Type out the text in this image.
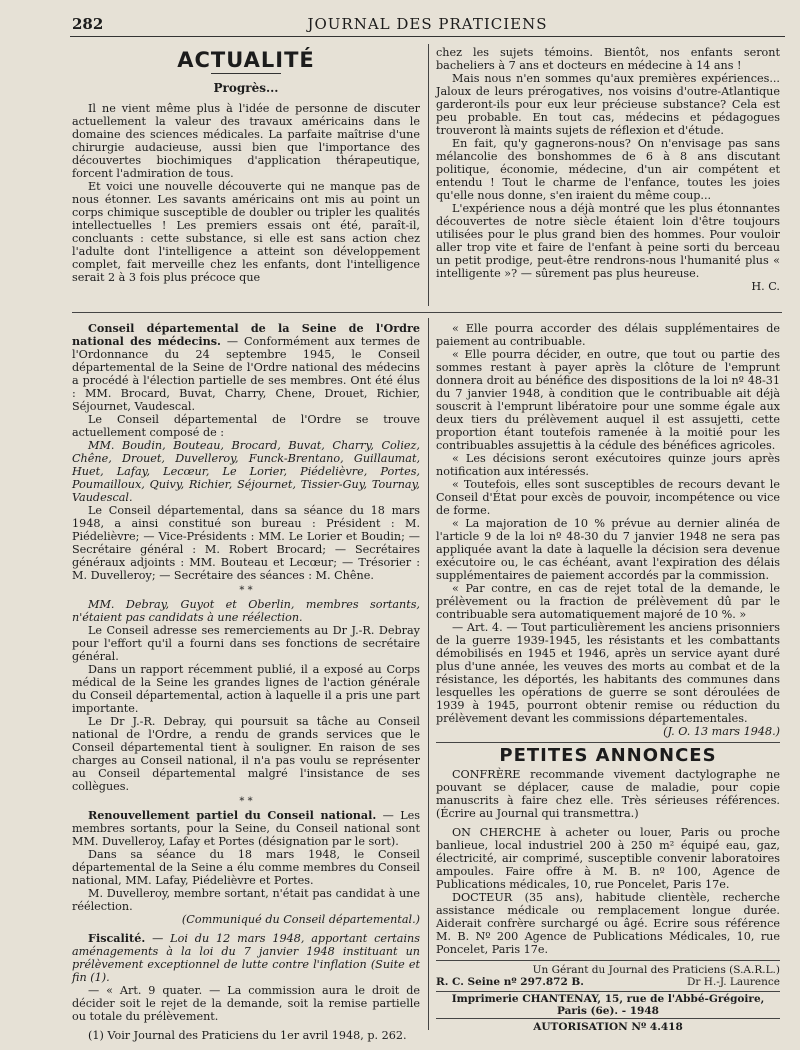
282	JOURNAL DES PRATICIENS
ACTUALITÉ
Progrès...

Il ne vient même plus à l'idée de personne de discuter actuellement la valeur des travaux américains dans le domaine des sciences médicales. La parfaite maîtrise d'une chirurgie audacieuse, aussi bien que l'importance des découvertes biochimiques d'application thérapeutique, forcent l'admiration de tous.

Et voici une nouvelle découverte qui ne manque pas de nous étonner. Les savants américains ont mis au point un corps chimique susceptible de doubler ou tripler les qualités intellectuelles ! Les premiers essais ont été, paraît-il, concluants : cette substance, si elle est sans action chez l'adulte dont l'intelligence a atteint son développement complet, fait merveille chez les enfants, dont l'intelligence serait 2 à 3 fois plus précoce que

chez les sujets témoins. Bientôt, nos enfants seront bacheliers à 7 ans et docteurs en médecine à 14 ans !

Mais nous n'en sommes qu'aux premières expériences... Jaloux de leurs prérogatives, nos voisins d'outre-Atlantique garderont-ils pour eux leur précieuse substance? Cela est peu probable. En tout cas, médecins et pédagogues trouveront là maints sujets de réflexion et d'étude.

En fait, qu'y gagnerons-nous? On n'envisage pas sans mélancolie des bonshommes de 6 à 8 ans discutant politique, économie, médecine, d'un air compétent et entendu ! Tout le charme de l'enfance, toutes les joies qu'elle nous donne, s'en iraient du même coup...

L'expérience nous a déjà montré que les plus étonnantes découvertes de notre siècle étaient loin d'être toujours utilisées pour le plus grand bien des hommes. Pour vouloir aller trop vite et faire de l'enfant à peine sorti du berceau un petit prodige, peut-être rendrons-nous l'humanité plus « intelligente »? — sûrement pas plus heureuse.

H. C.

Conseil départemental de la Seine de l'Ordre national des médecins. — Conformément aux termes de l'Ordonnance du 24 septembre 1945, le Conseil départemental de la Seine de l'Ordre national des médecins a procédé à l'élection partielle de ses membres. Ont été élus : MM. Brocard, Buvat, Charry, Chene, Drouet, Richier, Séjournet, Vaudescal.

Le Conseil départemental de l'Ordre se trouve actuellement composé de :

MM. Boudin, Bouteau, Brocard, Buvat, Charry, Coliez, Chêne, Drouet, Duvelleroy, Funck-Brentano, Guillaumat, Huet, Lafay, Lecœur, Le Lorier, Piédelièvre, Portes, Poumailloux, Quivy, Richier, Séjournet, Tissier-Guy, Tournay, Vaudescal.

Le Conseil départemental, dans sa séance du 18 mars 1948, a ainsi constitué son bureau : Président : M. Piédelièvre; — Vice-Présidents : MM. Le Lorier et Boudin; — Secrétaire général : M. Robert Brocard; — Secrétaires généraux adjoints : MM. Bouteau et Lecœur; — Trésorier : M. Duvelleroy; — Secrétaire des séances : M. Chêne.

* *

MM. Debray, Guyot et Oberlin, membres sortants, n'étaient pas candidats à une réélection.

Le Conseil adresse ses remerciements au Dr J.-R. Debray pour l'effort qu'il a fourni dans ses fonctions de secrétaire général.

Dans un rapport récemment publié, il a exposé au Corps médical de la Seine les grandes lignes de l'action générale du Conseil départemental, action à laquelle il a pris une part importante.

Le Dr J.-R. Debray, qui poursuit sa tâche au Conseil national de l'Ordre, a rendu de grands services que le Conseil départemental tient à souligner. En raison de ses charges au Conseil national, il n'a pas voulu se représenter au Conseil départemental malgré l'insistance de ses collègues.

* *

Renouvellement partiel du Conseil national. — Les membres sortants, pour la Seine, du Conseil national sont MM. Duvelleroy, Lafay et Portes (désignation par le sort).

Dans sa séance du 18 mars 1948, le Conseil départemental de la Seine a élu comme membres du Conseil national, MM. Lafay, Piédelièvre et Portes.

M. Duvelleroy, membre sortant, n'était pas candidat à une réélection.

(Communiqué du Conseil départemental.)

Fiscalité. — Loi du 12 mars 1948, apportant certains aménagements à la loi du 7 janvier 1948 instituant un prélèvement exceptionnel de lutte contre l'inflation (Suite et fin (1).

— « Art. 9 quater. — La commission aura le droit de décider soit le rejet de la demande, soit la remise partielle ou totale du prélèvement.

(1) Voir Journal des Praticiens du 1er avril 1948, p. 262.

« Elle pourra accorder des délais supplémentaires de paiement au contribuable.

« Elle pourra décider, en outre, que tout ou partie des sommes restant à payer après la clôture de l'emprunt donnera droit au bénéfice des dispositions de la loi nº 48-31 du 7 janvier 1948, à condition que le contribuable ait déjà souscrit à l'emprunt libératoire pour une somme égale aux deux tiers du prélèvement auquel il est assujetti, cette proportion étant toutefois ramenée à la moitié pour les contribuables assujettis à la cédule des bénéfices agricoles.

« Les décisions seront exécutoires quinze jours après notification aux intéressés.

« Toutefois, elles sont susceptibles de recours devant le Conseil d'État pour excès de pouvoir, incompétence ou vice de forme.

« La majoration de 10 % prévue au dernier alinéa de l'article 9 de la loi nº 48-30 du 7 janvier 1948 ne sera pas appliquée avant la date à laquelle la décision sera devenue exécutoire ou, le cas échéant, avant l'expiration des délais supplémentaires de paiement accordés par la commission.

« Par contre, en cas de rejet total de la demande, le prélèvement ou la fraction de prélèvement dû par le contribuable sera automatiquement majoré de 10 %. »

— Art. 4. — Tout particulièrement les anciens prisonniers de la guerre 1939-1945, les résistants et les combattants démobilisés en 1945 et 1946, après un service ayant duré plus d'une année, les veuves des morts au combat et de la résistance, les déportés, les habitants des communes dans lesquelles les opérations de guerre se sont déroulées de 1939 à 1945, pourront obtenir remise ou réduction du prélèvement devant les commissions départementales.

(J. O. 13 mars 1948.)

PETITES ANNONCES

CONFRÈRE recommande vivement dactylographe ne pouvant se déplacer, cause de maladie, pour copie manuscrits à faire chez elle. Très sérieuses références. (Écrire au Journal qui transmettra.)

ON CHERCHE à acheter ou louer, Paris ou proche banlieue, local industriel 200 à 250 m² équipé eau, gaz, électricité, air comprimé, susceptible convenir laboratoires ampoules. Faire offre à M. B. nº 100, Agence de Publications médicales, 10, rue Poncelet, Paris 17e.

DOCTEUR (35 ans), habitude clientèle, recherche assistance médicale ou remplacement longue durée. Aiderait confrère surchargé ou âgé. Ecrire sous référence M. B. Nº 200 Agence de Publications Médicales, 10, rue Poncelet, Paris 17e.

Un Gérant du Journal des Praticiens (S.A.R.L.)

R. C. Seine nº 297.872 B.	Dr H.-J. Laurence

Imprimerie CHANTENAY, 15, rue de l'Abbé-Grégoire, Paris (6e). - 1948

AUTORISATION Nº 4.418
